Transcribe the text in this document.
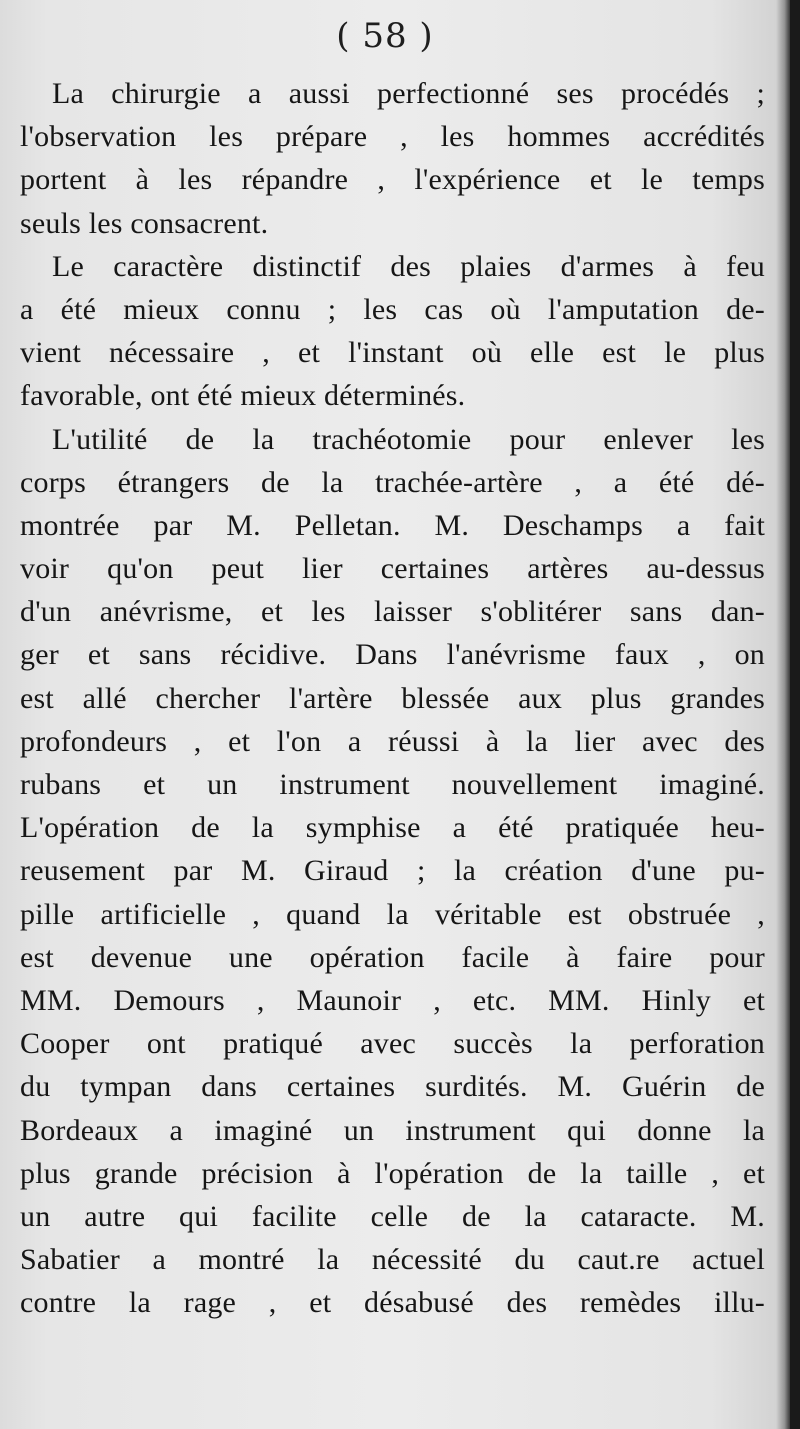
( 58 )
La chirurgie a aussi perfectionné ses procédés ;
l'observation les prépare , les hommes accrédités
portent à les répandre , l'expérience et le temps
seuls les consacrent.
Le caractère distinctif des plaies d'armes à feu
a été mieux connu ; les cas où l'amputation de-
vient nécessaire , et l'instant où elle est le plus
favorable, ont été mieux déterminés.
L'utilité de la trachéotomie pour enlever les
corps étrangers de la trachée-artère , a été dé-
montrée par M. Pelletan. M. Deschamps a fait
voir qu'on peut lier certaines artères au-dessus
d'un anévrisme, et les laisser s'oblitérer sans dan-
ger et sans récidive. Dans l'anévrisme faux , on
est allé chercher l'artère blessée aux plus grandes
profondeurs , et l'on a réussi à la lier avec des
rubans et un instrument nouvellement imaginé.
L'opération de la symphise a été pratiquée heu-
reusement par M. Giraud ; la création d'une pu-
pille artificielle , quand la véritable est obstruée ,
est devenue une opération facile à faire pour
MM. Demours , Maunoir , etc. MM. Hinly et
Cooper ont pratiqué avec succès la perforation
du tympan dans certaines surdités. M. Guérin de
Bordeaux a imaginé un instrument qui donne la
plus grande précision à l'opération de la taille , et
un autre qui facilite celle de la cataracte. M.
Sabatier a montré la nécessité du caut.re actuel
contre la rage , et désabusé des remèdes illu-
